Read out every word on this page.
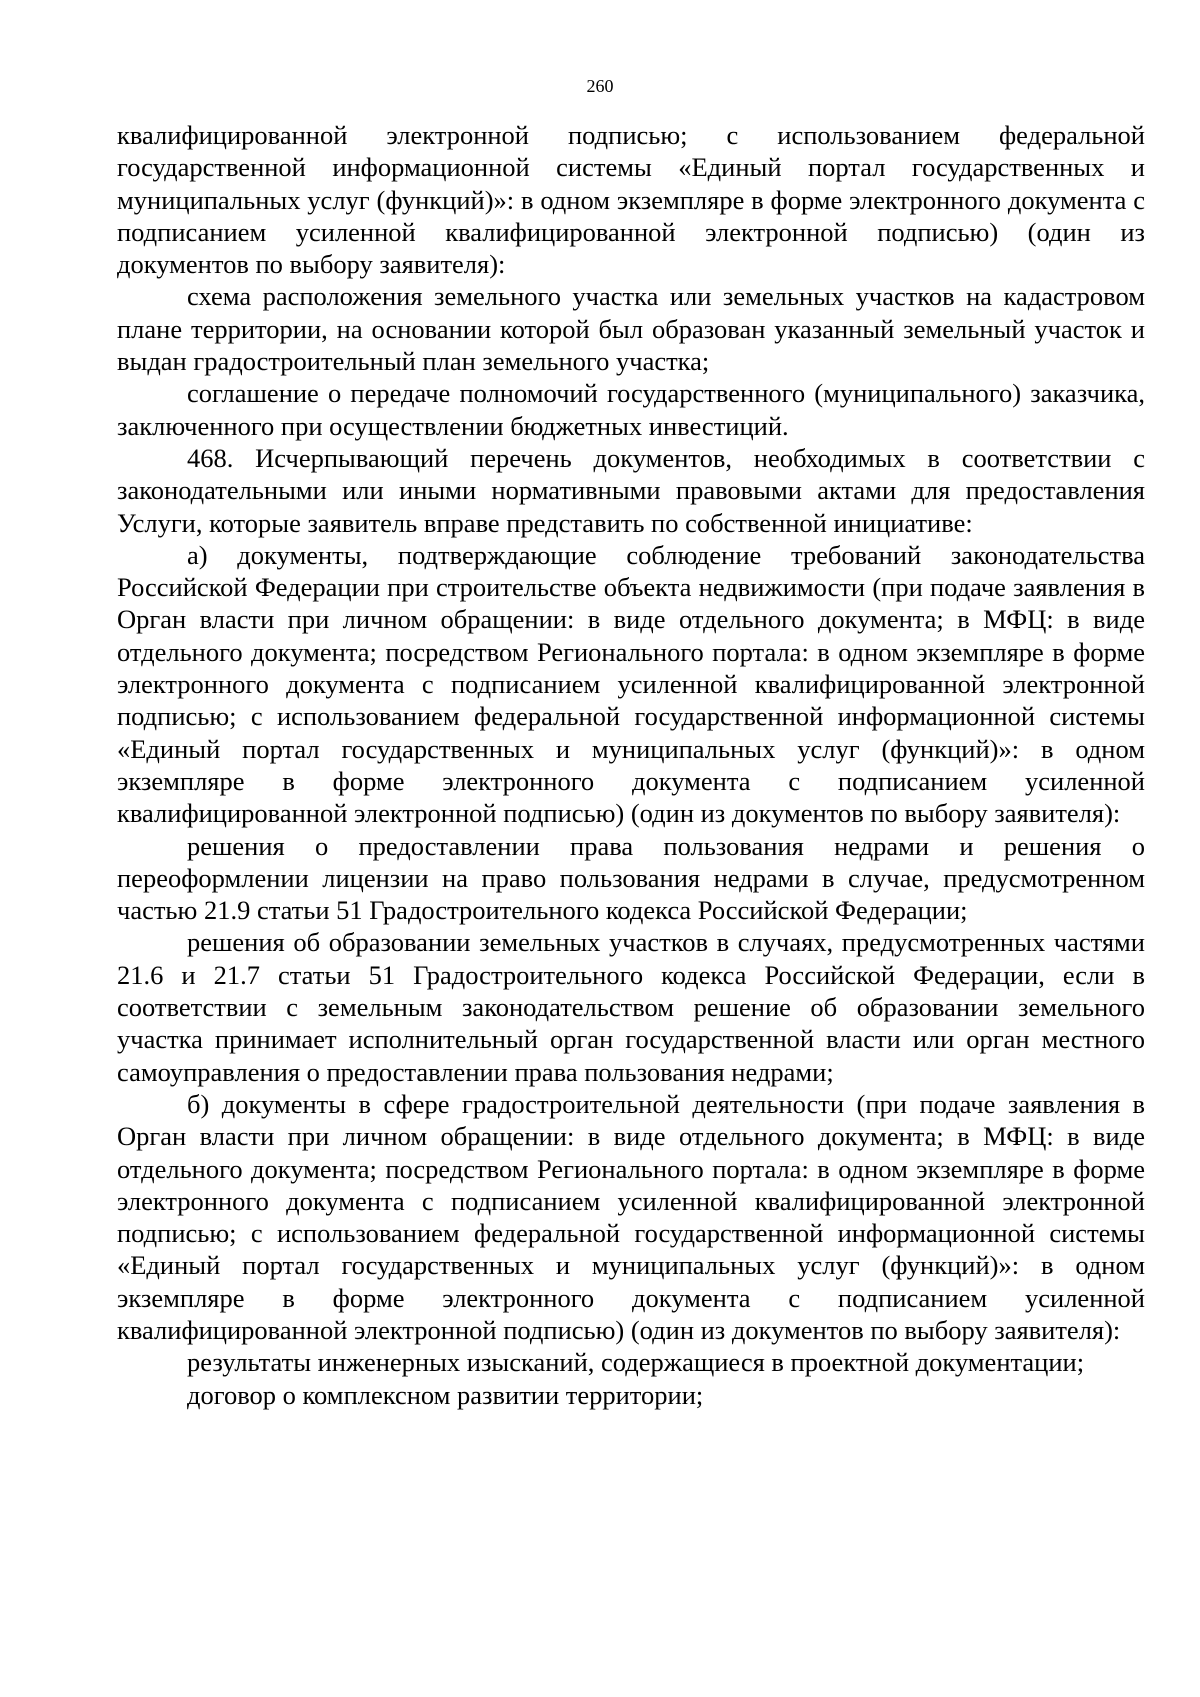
260

квалифицированной электронной подписью; с использованием федеральной государственной информационной системы «Единый портал государственных и муниципальных услуг (функций)»: в одном экземпляре в форме электронного документа с подписанием усиленной квалифицированной электронной подписью) (один из документов по выбору заявителя):

схема расположения земельного участка или земельных участков на кадастровом плане территории, на основании которой был образован указанный земельный участок и выдан градостроительный план земельного участка;

соглашение о передаче полномочий государственного (муниципального) заказчика, заключенного при осуществлении бюджетных инвестиций.

468. Исчерпывающий перечень документов, необходимых в соответствии с законодательными или иными нормативными правовыми актами для предоставления Услуги, которые заявитель вправе представить по собственной инициативе:

а) документы, подтверждающие соблюдение требований законодательства Российской Федерации при строительстве объекта недвижимости (при подаче заявления в Орган власти при личном обращении: в виде отдельного документа; в МФЦ: в виде отдельного документа; посредством Регионального портала: в одном экземпляре в форме электронного документа с подписанием усиленной квалифицированной электронной подписью; с использованием федеральной государственной информационной системы «Единый портал государственных и муниципальных услуг (функций)»: в одном экземпляре в форме электронного документа с подписанием усиленной квалифицированной электронной подписью) (один из документов по выбору заявителя):

решения о предоставлении права пользования недрами и решения о переоформлении лицензии на право пользования недрами в случае, предусмотренном частью 21.9 статьи 51 Градостроительного кодекса Российской Федерации;

решения об образовании земельных участков в случаях, предусмотренных частями 21.6 и 21.7 статьи 51 Градостроительного кодекса Российской Федерации, если в соответствии с земельным законодательством решение об образовании земельного участка принимает исполнительный орган государственной власти или орган местного самоуправления о предоставлении права пользования недрами;

б) документы в сфере градостроительной деятельности (при подаче заявления в Орган власти при личном обращении: в виде отдельного документа; в МФЦ: в виде отдельного документа; посредством Регионального портала: в одном экземпляре в форме электронного документа с подписанием усиленной квалифицированной электронной подписью; с использованием федеральной государственной информационной системы «Единый портал государственных и муниципальных услуг (функций)»: в одном экземпляре в форме электронного документа с подписанием усиленной квалифицированной электронной подписью) (один из документов по выбору заявителя):

результаты инженерных изысканий, содержащиеся в проектной документации;

договор о комплексном развитии территории;
